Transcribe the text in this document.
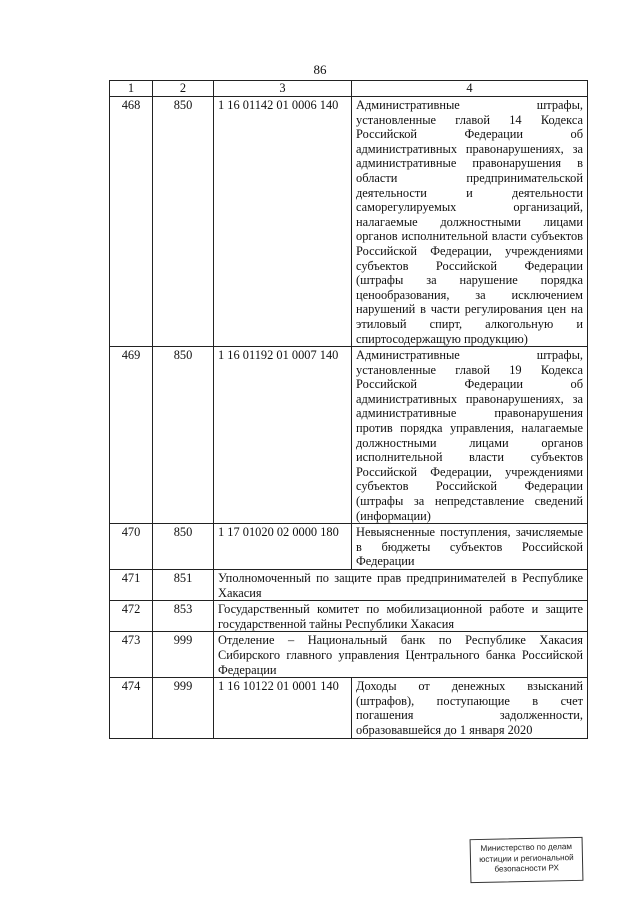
86
1	2	3	4
468	850	1 16 01142 01 0006 140	Административные штрафы, установленные главой 14 Кодекса Российской Федерации об административных правонарушениях, за административные правонарушения в области предпринимательской деятельности и деятельности саморегулируемых организаций, налагаемые должностными лицами органов исполнительной власти субъектов Российской Федерации, учреждениями субъектов Российской Федерации (штрафы за нарушение порядка ценообразования, за исключением нарушений в части регулирования цен на этиловый спирт, алкогольную и спиртосодержащую продукцию)
469	850	1 16 01192 01 0007 140	Административные штрафы, установленные главой 19 Кодекса Российской Федерации об административных правонарушениях, за административные правонарушения против порядка управления, налагаемые должностными лицами органов исполнительной власти субъектов Российской Федерации, учреждениями субъектов Российской Федерации (штрафы за непредставление сведений (информации)
470	850	1 17 01020 02 0000 180	Невыясненные поступления, зачисляемые в бюджеты субъектов Российской Федерации
471	851	Уполномоченный по защите прав предпринимателей в Республике Хакасия	
472	853	Государственный комитет по мобилизационной работе и защите государственной тайны Республики Хакасия	
473	999	Отделение – Национальный банк по Республике Хакасия Сибирского главного управления Центрального банка Российской Федерации	
474	999	1 16 10122 01 0001 140	Доходы от денежных взысканий (штрафов), поступающие в счет погашения задолженности, образовавшейся до 1 января 2020
Министерство по делам
юстиции и региональной
безопасности РХ
